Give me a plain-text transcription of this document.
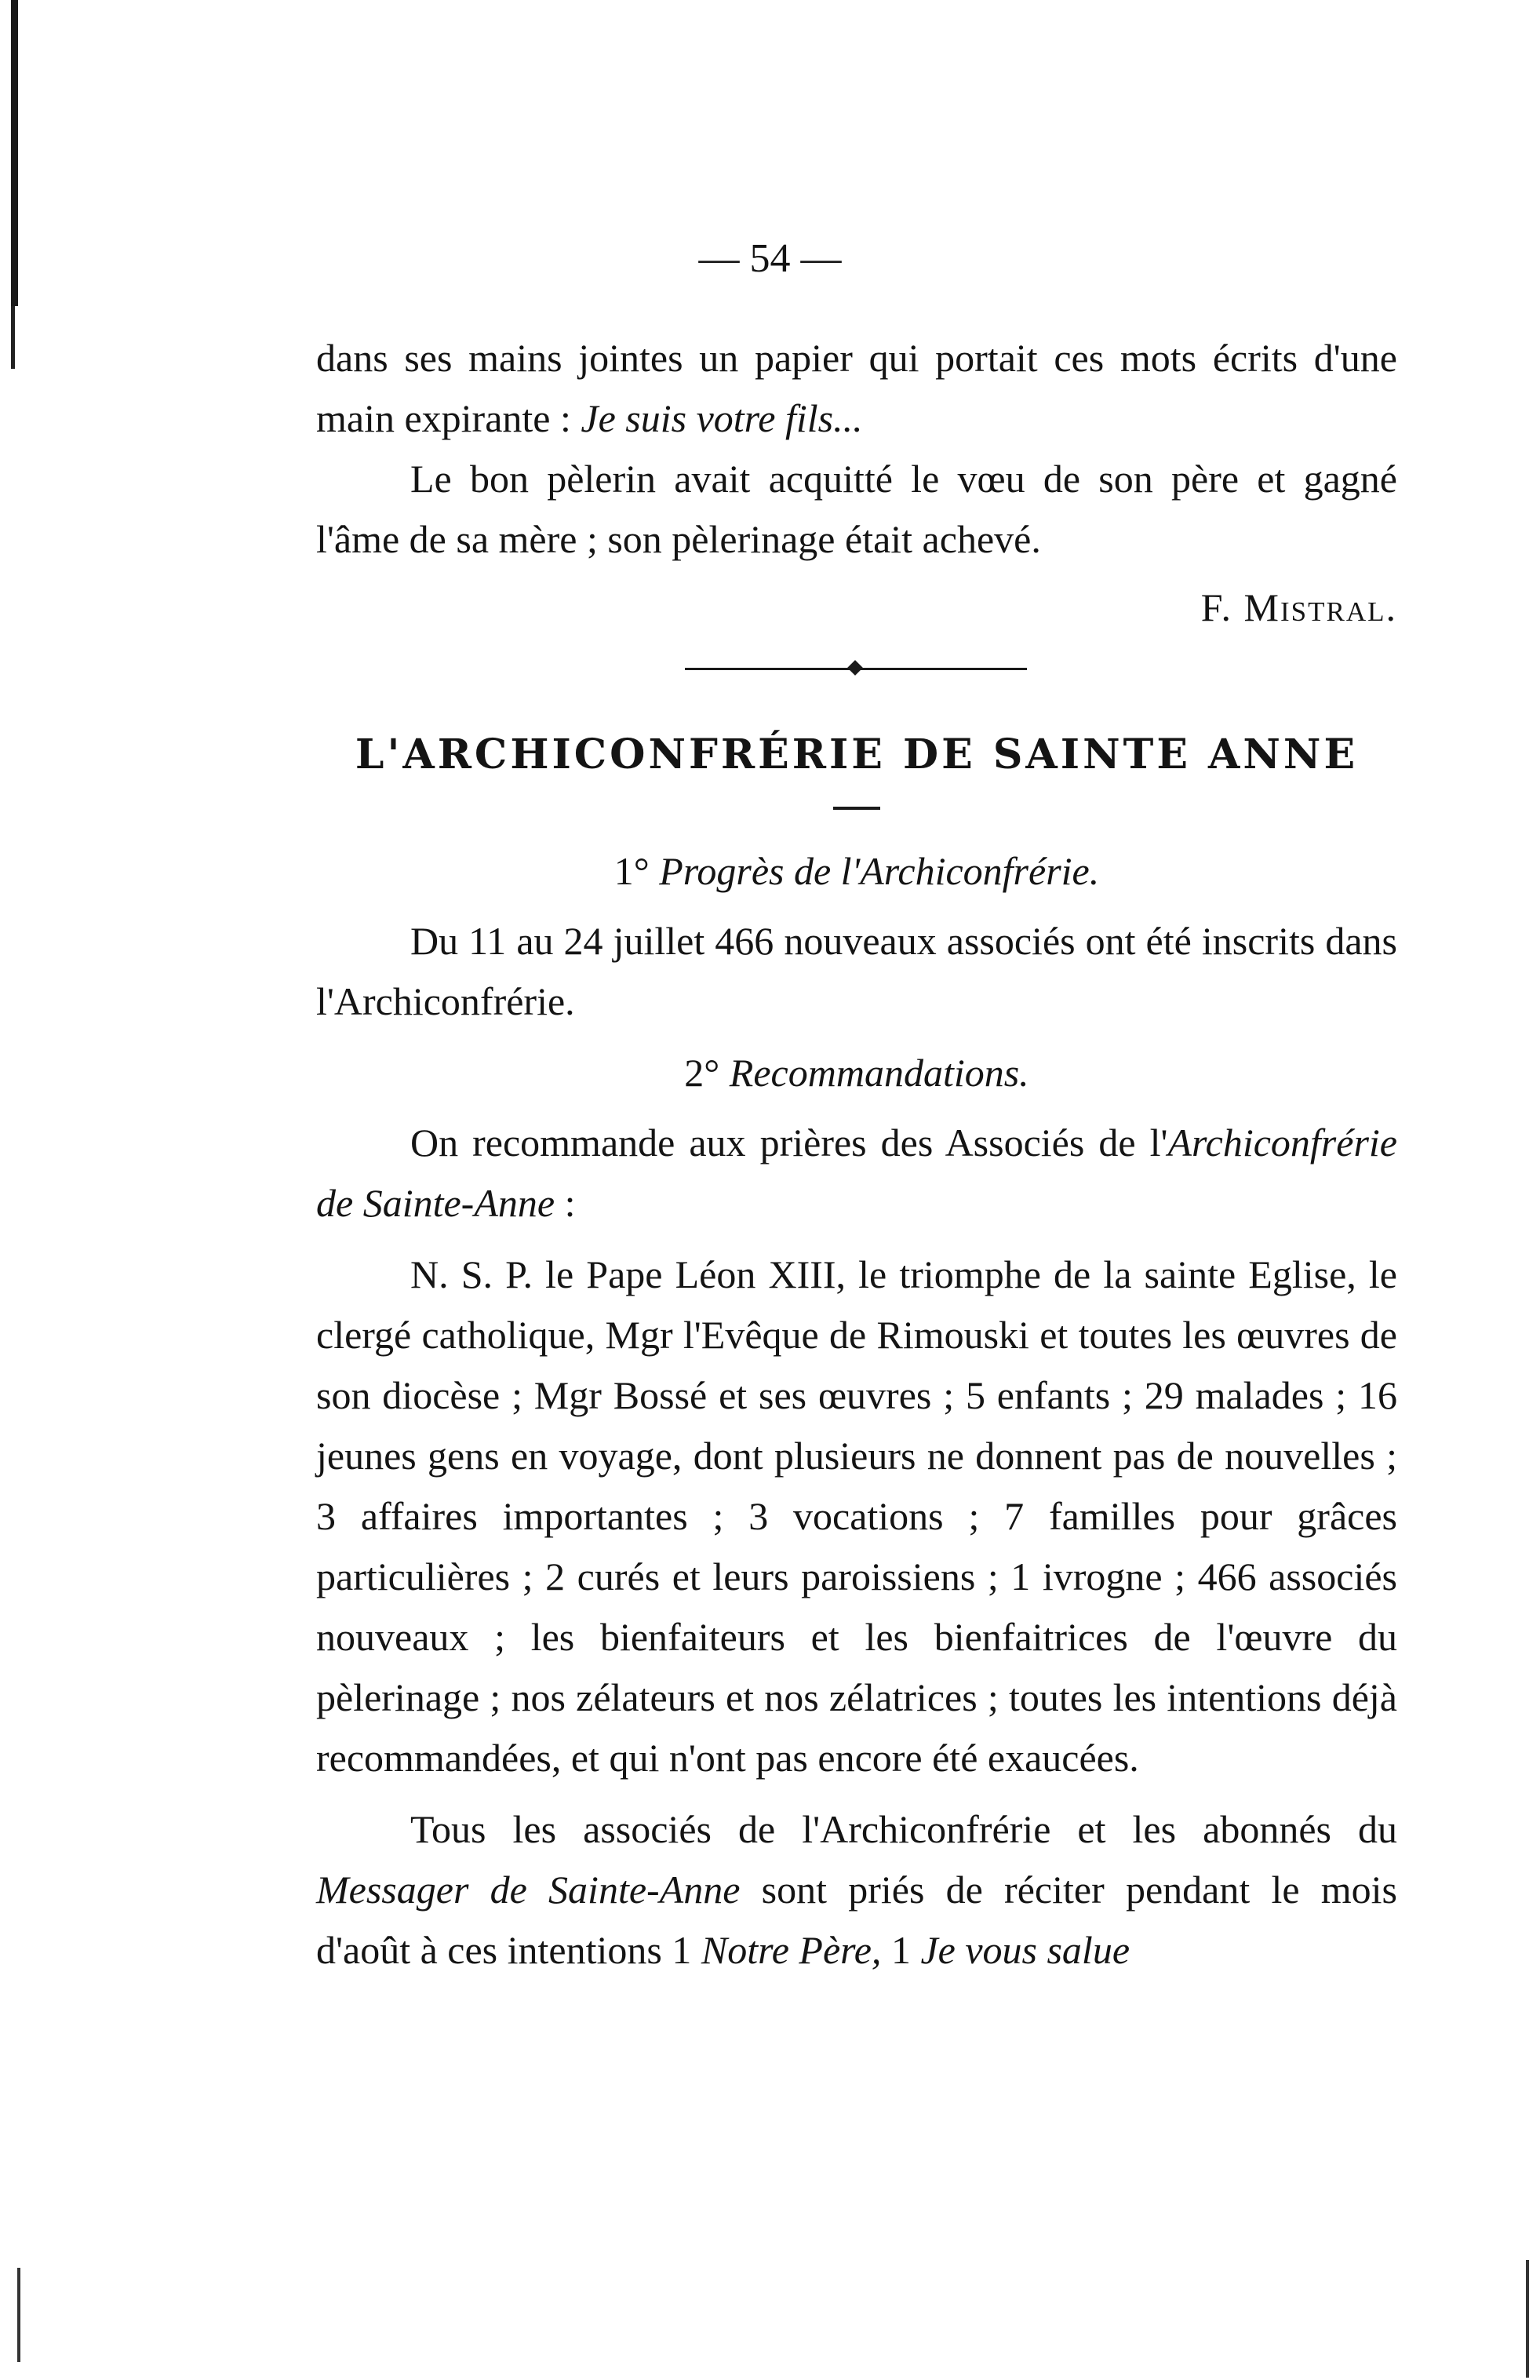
— 54 —

dans ses mains jointes un papier qui portait ces mots écrits d'une main expirante : Je suis votre fils...

Le bon pèlerin avait acquitté le vœu de son père et gagné l'âme de sa mère ; son pèlerinage était achevé.

F. Mistral.

L'ARCHICONFRÉRIE DE SAINTE ANNE

1° Progrès de l'Archiconfrérie.

Du 11 au 24 juillet 466 nouveaux associés ont été inscrits dans l'Archiconfrérie.

2° Recommandations.

On recommande aux prières des Associés de l'Archiconfrérie de Sainte-Anne :

N. S. P. le Pape Léon XIII, le triomphe de la sainte Eglise, le clergé catholique, Mgr l'Evêque de Rimouski et toutes les œuvres de son diocèse ; Mgr Bossé et ses œuvres ; 5 enfants ; 29 malades ; 16 jeunes gens en voyage, dont plusieurs ne donnent pas de nouvelles ; 3 affaires importantes ; 3 vocations ; 7 familles pour grâces particulières ; 2 curés et leurs paroissiens ; 1 ivrogne ; 466 associés nouveaux ; les bienfaiteurs et les bienfaitrices de l'œuvre du pèlerinage ; nos zélateurs et nos zélatrices ; toutes les intentions déjà recommandées, et qui n'ont pas encore été exaucées.

Tous les associés de l'Archiconfrérie et les abonnés du Messager de Sainte-Anne sont priés de réciter pendant le mois d'août à ces intentions 1 Notre Père, 1 Je vous salue
